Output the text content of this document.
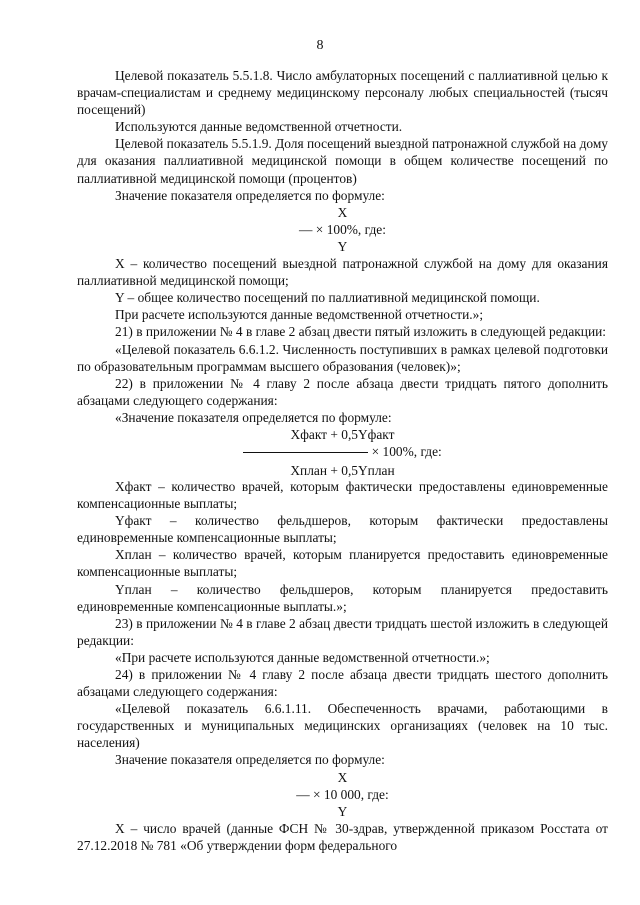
8

Целевой показатель 5.5.1.8. Число амбулаторных посещений с паллиативной целью к врачам-специалистам и среднему медицинскому персоналу любых специальностей (тысяч посещений)

Используются данные ведомственной отчетности.

Целевой показатель 5.5.1.9. Доля посещений выездной патронажной службой на дому для оказания паллиативной медицинской помощи в общем количестве посещений по паллиативной медицинской помощи (процентов)

Значение показателя определяется по формуле:

X
— × 100%, где:
Y

X – количество посещений выездной патронажной службой на дому для оказания паллиативной медицинской помощи;

Y – общее количество посещений по паллиативной медицинской помощи.

При расчете используются данные ведомственной отчетности.»;

21) в приложении № 4 в главе 2 абзац двести пятый изложить в следующей редакции:

«Целевой показатель 6.6.1.2. Численность поступивших в рамках целевой подготовки по образовательным программам высшего образования (человек)»;

22) в приложении № 4 главу 2 после абзаца двести тридцать пятого дополнить абзацами следующего содержания:

«Значение показателя определяется по формуле:

Xфакт + 0,5Yфакт
× 100%, где:
Xплан + 0,5Yплан

Xфакт – количество врачей, которым фактически предоставлены единовременные компенсационные выплаты;

Yфакт – количество фельдшеров, которым фактически предоставлены единовременные компенсационные выплаты;

Xплан – количество врачей, которым планируется предоставить единовременные компенсационные выплаты;

Yплан – количество фельдшеров, которым планируется предоставить единовременные компенсационные выплаты.»;

23) в приложении № 4 в главе 2 абзац двести тридцать шестой изложить в следующей редакции:

«При расчете используются данные ведомственной отчетности.»;

24) в приложении № 4 главу 2 после абзаца двести тридцать шестого дополнить абзацами следующего содержания:

«Целевой показатель 6.6.1.11. Обеспеченность врачами, работающими в государственных и муниципальных медицинских организациях (человек на 10 тыс. населения)

Значение показателя определяется по формуле:

X
— × 10 000, где:
Y

X – число врачей (данные ФСН № 30-здрав, утвержденной приказом Росстата от 27.12.2018 № 781 «Об утверждении форм федерального
